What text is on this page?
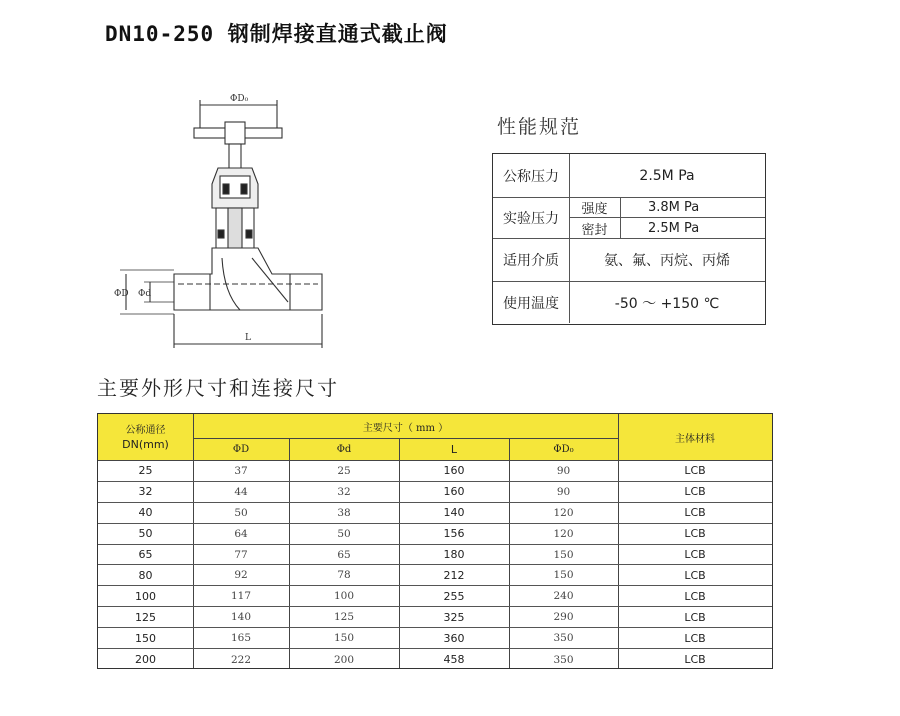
DN10-250 钢制焊接直通式截止阀
ΦD₀
ΦD Φd
L
性能规范
公称压力	2.5M Pa
实验压力
强度	3.8M Pa
密封	2.5M Pa
适用介质	氨、氟、丙烷、丙烯
使用温度	-50 ～ +150 ℃
主要外形尺寸和连接尺寸
公称通径
DN(mm)
主要尺寸（ mm ）
ΦD	Φd	L	ΦD₀
主体材料
25	37	25	160	90	LCB
32	44	32	160	90	LCB
40	50	38	140	120	LCB
50	64	50	156	120	LCB
65	77	65	180	150	LCB
80	92	78	212	150	LCB
100	117	100	255	240	LCB
125	140	125	325	290	LCB
150	165	150	360	350	LCB
200	222	200	458	350	LCB
